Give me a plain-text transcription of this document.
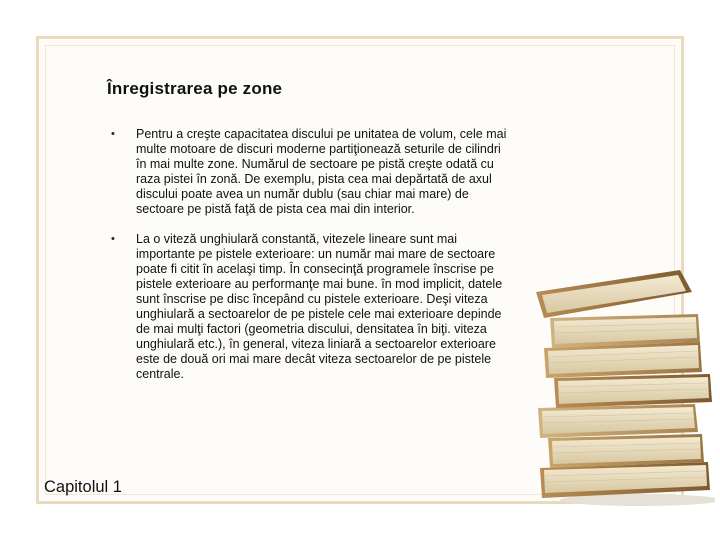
Înregistrarea pe zone
•	Pentru a creşte capacitatea discului pe unitatea de volum, cele mai multe motoare de discuri moderne partiţionează seturile de cilindri în mai multe zone. Numărul de sectoare pe pistă creşte odată cu raza pistei în zonă. De exemplu, pista cea mai depărtată de axul discului poate avea un număr dublu (sau chiar mai mare) de sectoare pe pistă faţă de pista cea mai din interior.
•	La o viteză unghiulară constantă, vitezele lineare sunt mai importante pe pistele exterioare: un număr mai mare de sectoare poate fi citit în acelaşi timp. În consecinţă programele înscrise pe pistele exterioare au performanţe mai bune. în mod implicit, datele sunt înscrise pe disc începând cu pistele exterioare. Deşi viteza unghiulară a sectoarelor de pe pistele cele mai exterioare depinde de mai mulţi factori (geometria discului, densitatea în biţi. viteza unghiulară etc.), în general, viteza liniară a sectoarelor exterioare este de două ori mai mare decât viteza sectoarelor de pe pistele centrale.
Capitolul 1
